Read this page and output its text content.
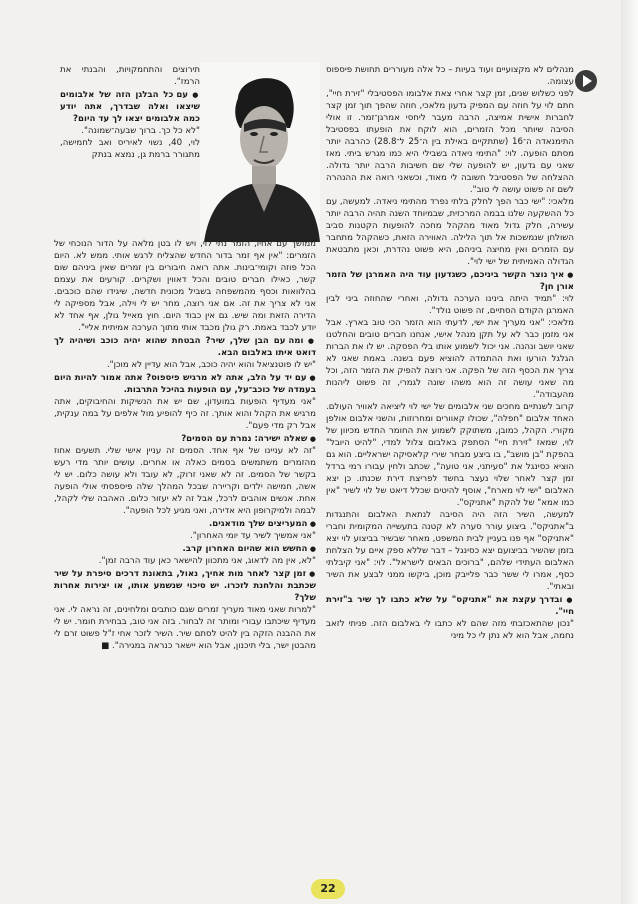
מנהלים לא מקצועיים ועוד בעיות – כל אלה מעוררים תחושת פיספוס עצומה.

לפני כשלוש שנים, זמן קצר אחרי צאת אלבומו הפסטיבלי "זירת חיי", חתם לוי על חוזה עם המפיק גדעון מלאכי, חוזה שהפך תוך זמן קצר לחברות אישית אמיצה, הרבה מעבר ליחסי אמרגן־זמר. זו אולי הסיבה שיותר מכל הזמרים, הוא לוקח את הופעתו בפסטיבל התימנאדה ה־16 (שתתקיים באילת בין ה־25 ל־28.8) כהרבה יותר מסתם הופעה. לוי: "התימי ניאדה בשבילי היא כמו מגרש ביתי. מאז שאני עם גדעון, יש להופעה שלי שם חשיבות הרבה יותר גדולה. ההצלחה של הפסטיבל חשובה לי מאוד, וכשאני רואה את ההנהרה לשם זה פשוט עושה לי טוב".

מלאכי: "ישי כבר הפך לחלק בלתי נפרד מהתימי ניאדה. למעשה, עם כל ההשקעה שלנו בבמה המרכזית, שבמיוחד השנה תהיה הרבה יותר עשירה, חלק גדול מאוד מהקהל מחכה להופעות הקטנות סביב השולחן שנמשכות אל תוך הלילה. האווירה הזאת, כשהקהל מתחבר עם הזמרים ואין מחיצה ביניהם, היא פשוט נהדרת, וכאן מתבטאת הגדולה האמיתית של ישי לוי".

● איך נוצר הקשר ביניכם, כשגדעון עוד היה האמרגן של הזמר אורן חן?

לוי: "תמיד היתה בינינו הערכה גדולה, ואחרי שהחוזה ביני לבין האמרגן הקודם הסתיים, זה פשוט נולד".

מלאכי: "אני מעריך את ישי, לדעתי הוא הזמר הכי טוב בארץ. אבל אני מזמן כבר לא על תקן מנהל אישי, אנחנו חברים טובים והחלטנו שאני יושב ונהנה. אני יכול לשמוע אותו בלי הפסקה. יש לו את הברות הגלגל הורעו ואת ההתמדה להוציא פעם בשנה. באמת שאני לא צריך את הכסף הזה של הפקה. אני רוצה להפיק את הזמר הזה, וכל מה שאני עושה זה הוא משהו שונה לגמרי, זה פשוט ליהנות מהעבודה".

קרוב לשנתיים מחכים שני אלבומים של ישי לוי ליציאה לאוויר העולם. האחד אלבום "חפלה", שכולו קאוורים ומחרוזות, והשני אלבום אולפן מקורי. הקהל, כמובן, משתוקק לשמוע את החומר החדש מכיוון של לוי, שמאז "זירת חיי" הסתפק באלבום צלול למדי, "להיט היובל" בהפקת "בן מושב", בו ביצע מבחר שירי קלאסיקה ישראליים. הוא גם הוציא כסינגל את "סעיתני, אני טועה", שכתב ולחין עבורו רמי ברדל זמן קצר לאחר שלוי נעצר בחשד לפריצת דירת שכנתו. כן יצא האלבום "ישי לוי מארח", אוסף להיטים שכלל דיאט של לוי לשיר "אין כמו אמא" של להקת "אתניקס".

למעשה, השיר הזה היה הסיבה לנתאת האלבום והתנגדות ב"אתניקס". ביצוע עורר סערה לא קטנה בתעשייה המקומית וחברי "אתניקס" אף פנו בעניין לבית המשפט, מאחר שבשיר בביצוע לוי יצא בזמן שהשיר בביצועם יצא כסינגל – דבר שללא ספק איים על הצלחת האלבום העתידי שלהם, "ברוכים הבאים לישראל". לוי: "אני קיבלתי כסף, אמרו לי ששר כבר פלייבק מוכן, ביקשו ממני לבצע את השיר ובאתי".

● ובדרך עקצת את "אתניקס" על שלא כתבו לך שיר ב"זירת חיי".

"נכון שהתאכזבתי מזה שהם לא כתבו לי באלבום הזה. פניתי לזאב נחמה, אבל הוא לא נתן לי כל מיני

תירוצים והתחמקויות, והבנתי את הרמז".

● עם כל הבלגן הזה של אלבומים שיצאו ואלה שבדרך, אתה יודע כמה אלבומים יצאו לך עד היום?

"לא כל כך. ברוך שבעה־שמונה".

לוי, 40, נשוי לאיריס ואב לחמישה, מתגורר ברמת גן, נמצא בנתק

ממושך עם אחיו, הזמר נתי לוי, ויש לו בטן מלאה על הדור הנוכחי של הזמרים: "אין אף זמר בדור החדש שהצליח לרגש אותי. ממש לא. היום הכל פוזה וקומי־בינות. אתה רואה חיבורים בין זמרים שאין ביניהם שום קשר, כאילו חברים טובים והכל דאווין ושקרים. קורעים את עצמם בהלוואות וכסף מהמשפחה בשביל מכונית חדשה, שיגידו שהם כוכבים. אני לא צריך את זה. אם אני רוצה, מחר יש לי וילה, אבל מספיקה לי הדירה הזאת ומה שיש. גם אין כבוד היום. חוץ מאייל גולן, אף אחד לא יודע לכבד באמת. רק גולן מכבד אותי מתוך הערכה אמיתית אליי".

● ומה עם הבן שלך, שיר? הבטחת שהוא יהיה כוכב ושיהיה לך דואט איתו באלבום הבא.

"יש לו פוטנציאל והוא יהיה כוכב, אבל הוא עדיין לא מוכן".

● עם יד על הלב, אתה לא מרגיש פיספוס? אתה אמור להיות היום בעמדה של כוכב־על, עם הופעות בהיכל התרבות.

"אני מעדיף הופעות במועדון, שם יש את הנשיקות והחיבוקים, אתה מרגיש את הקהל והוא אותך. זה כיף להופיע מול אלפים על במה ענקית, אבל רק מדי פעם".

● שאלה ישירה: נמרת עם הסמים?

"זה לא עניינו של אף אחד. הסמים זה עניין אישי שלי. תשעים אחוז מהזמרים משתמשים בסמים כאלה או אחרים. עושים יותר מדי רעש בקשר של הסמים. זה לא שאני זרוק, לא עובד ולא עושה כלום. יש לי אשה, חמישה ילדים וקריירה שבכל המהלך שלה פיספסתי אולי הופעה אחת. אנשים אוהבים לרכל, אבל זה לא יעזור כלום. האהבה שלי לקהל, לבמה ולמיקרופון היא אדירה, ואני מגיע לכל הופעה".

● המעריצים שלך מודאגים.

"אני אמשיך לשיר עד יומי האחרון".

● החשש הוא שהיום האחרון קרב.

"לא, אין מה לדאוג, אני מתכוון להישאר כאן עוד הרבה זמן".

● זמן קצר לאחר מות אחיך, נאול, בתאונת דרכים סיפרת על שיר שכתבת והלחנת לזכרו. יש סיכוי שנשמע אותו, או יצירות אחרות שלך?

"למרות שאני מאוד מעריך זמרים שגם כותבים ומלחינים, זה נראה לי. אני מעדיף שיכתבו עבורי ומותר זה לבחור. בזה אני טוב, בבחירת חומר. יש לי את ההבנה הזקה בין להיט לסתם שיר. השיר לזכר אחי ז"ל פשוט זרם לי מהבטן ישר, בלי תיכנון, אבל הוא יישאר כנראה במגירה". ■

22
